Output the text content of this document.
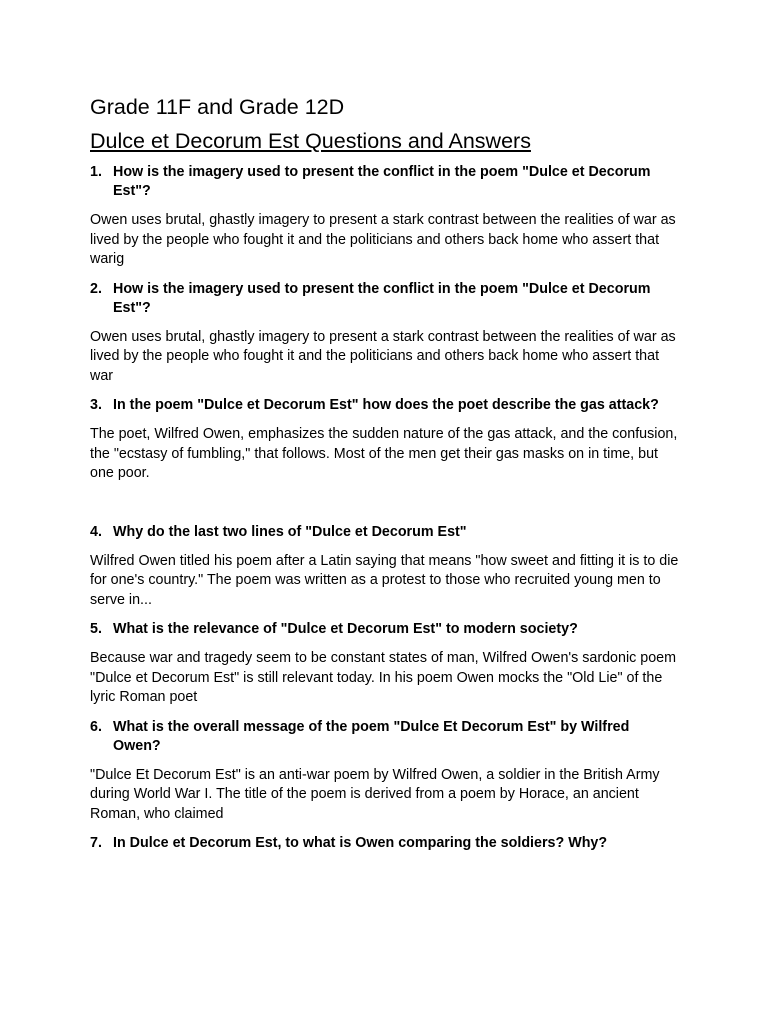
Grade 11F and Grade 12D
Dulce et Decorum Est Questions and Answers
1. How is the imagery used to present the conflict in the poem "Dulce et Decorum Est"?

Owen uses brutal, ghastly imagery to present a stark contrast between the realities of war as lived by the people who fought it and the politicians and others back home who assert that warig

2. How is the imagery used to present the conflict in the poem "Dulce et Decorum Est"?

Owen uses brutal, ghastly imagery to present a stark contrast between the realities of war as lived by the people who fought it and the politicians and others back home who assert that war

3. In the poem "Dulce et Decorum Est" how does the poet describe the gas attack?

The poet, Wilfred Owen, emphasizes the sudden nature of the gas attack, and the confusion, the "ecstasy of fumbling," that follows. Most of the men get their gas masks on in time, but one poor.

4. Why do the last two lines of "Dulce et Decorum Est"

Wilfred Owen titled his poem after a Latin saying that means "how sweet and fitting it is to die for one's country." The poem was written as a protest to those who recruited young men to serve in...

5. What is the relevance of "Dulce et Decorum Est" to modern society?

Because war and tragedy seem to be constant states of man, Wilfred Owen's sardonic poem "Dulce et Decorum Est" is still relevant today. In his poem Owen mocks the "Old Lie" of the lyric Roman poet

6. What is the overall message of the poem "Dulce Et Decorum Est" by Wilfred Owen?

"Dulce Et Decorum Est" is an anti-war poem by Wilfred Owen, a soldier in the British Army during World War I. The title of the poem is derived from a poem by Horace, an ancient Roman, who claimed

7. In Dulce et Decorum Est, to what is Owen comparing the soldiers? Why?
